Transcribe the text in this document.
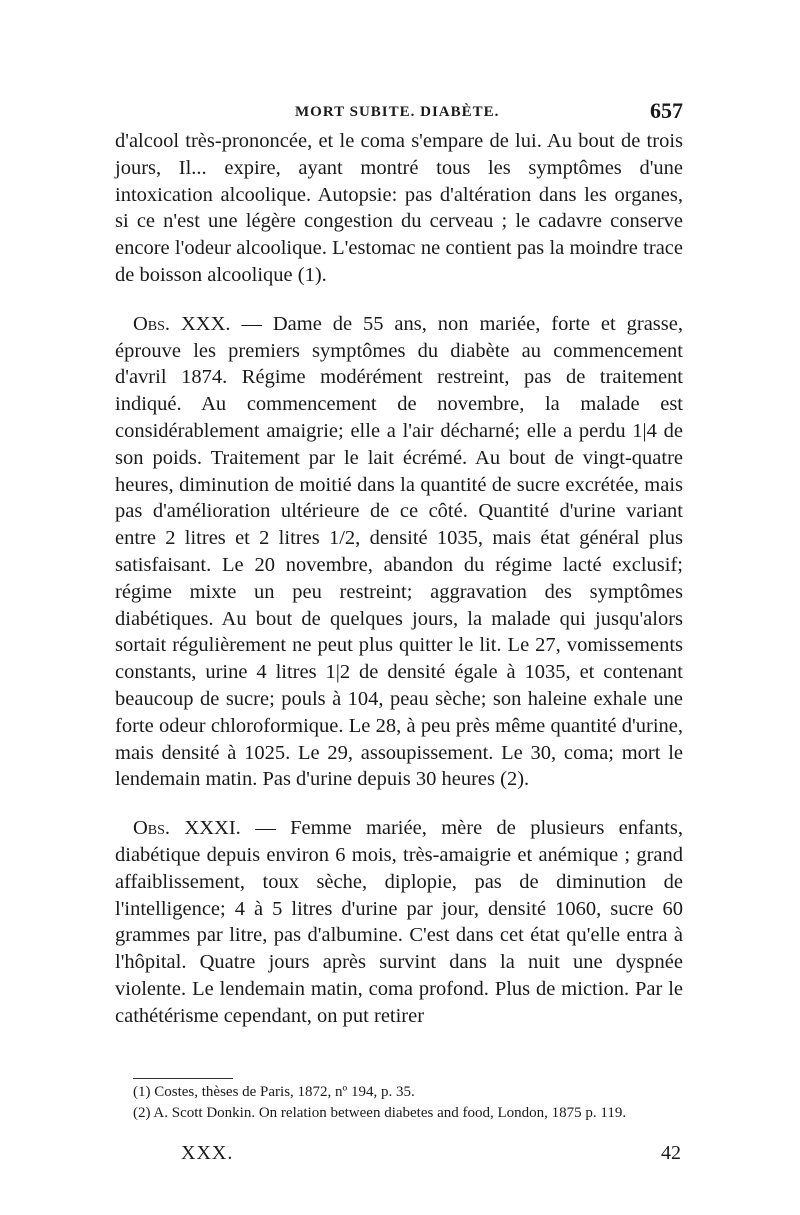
MORT SUBITE. DIABÈTE.	657

d'alcool très-prononcée, et le coma s'empare de lui. Au bout de trois jours, Il... expire, ayant montré tous les symptômes d'une intoxication alcoolique. Autopsie: pas d'altération dans les organes, si ce n'est une légère congestion du cerveau ; le cadavre conserve encore l'odeur alcoolique. L'estomac ne contient pas la moindre trace de boisson alcoolique (1).

Obs. XXX. — Dame de 55 ans, non mariée, forte et grasse, éprouve les premiers symptômes du diabète au commencement d'avril 1874. Régime modérément restreint, pas de traitement indiqué. Au commencement de novembre, la malade est considérablement amaigrie; elle a l'air décharné; elle a perdu 1|4 de son poids. Traitement par le lait écrémé. Au bout de vingt-quatre heures, diminution de moitié dans la quantité de sucre excrétée, mais pas d'amélioration ultérieure de ce côté. Quantité d'urine variant entre 2 litres et 2 litres 1/2, densité 1035, mais état général plus satisfaisant. Le 20 novembre, abandon du régime lacté exclusif; régime mixte un peu restreint; aggravation des symptômes diabétiques. Au bout de quelques jours, la malade qui jusqu'alors sortait régulièrement ne peut plus quitter le lit. Le 27, vomissements constants, urine 4 litres 1|2 de densité égale à 1035, et contenant beaucoup de sucre; pouls à 104, peau sèche; son haleine exhale une forte odeur chloroformique. Le 28, à peu près même quantité d'urine, mais densité à 1025. Le 29, assoupissement. Le 30, coma; mort le lendemain matin. Pas d'urine depuis 30 heures (2).

Obs. XXXI. — Femme mariée, mère de plusieurs enfants, diabétique depuis environ 6 mois, très-amaigrie et anémique ; grand affaiblissement, toux sèche, diplopie, pas de diminution de l'intelligence; 4 à 5 litres d'urine par jour, densité 1060, sucre 60 grammes par litre, pas d'albumine. C'est dans cet état qu'elle entra à l'hôpital. Quatre jours après survint dans la nuit une dyspnée violente. Le lendemain matin, coma profond. Plus de miction. Par le cathétérisme cependant, on put retirer

(1) Costes, thèses de Paris, 1872, nº 194, p. 35.

(2) A. Scott Donkin. On relation between diabetes and food, London, 1875 p. 119.

XXX.	42
